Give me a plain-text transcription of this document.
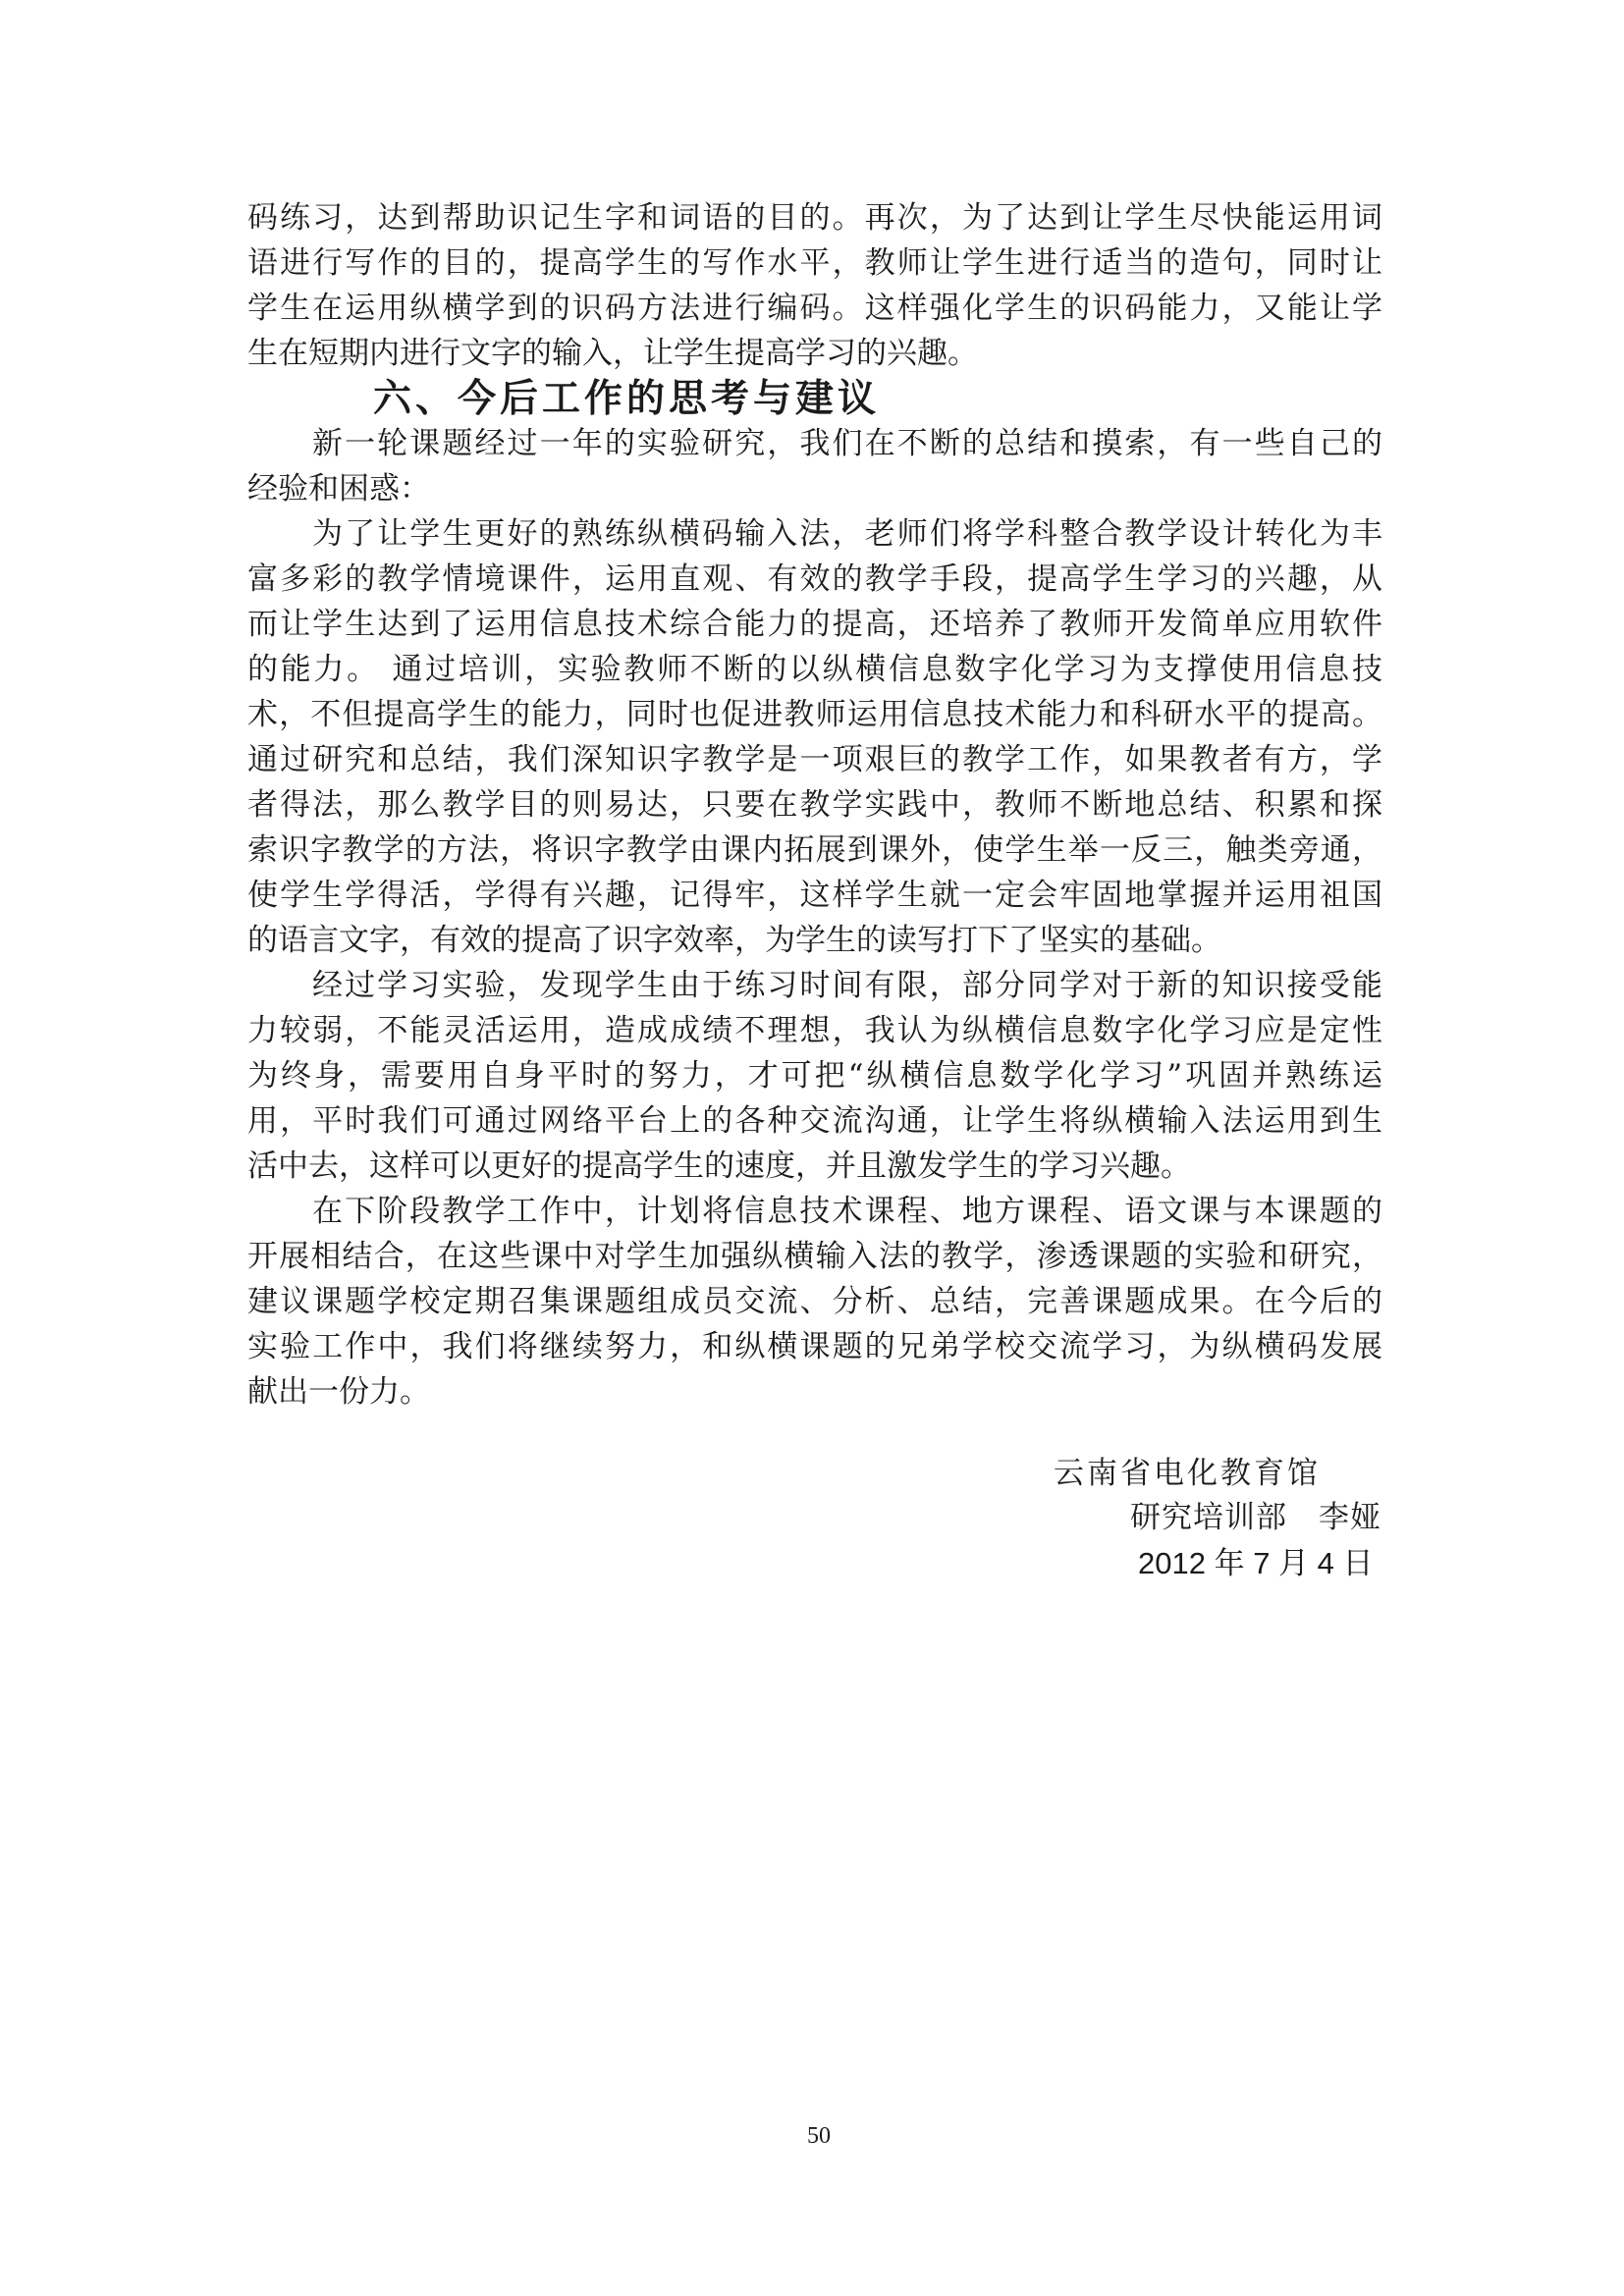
码练习，达到帮助识记生字和词语的目的。再次，为了达到让学生尽快能运用词
语进行写作的目的，提高学生的写作水平，教师让学生进行适当的造句，同时让
学生在运用纵横学到的识码方法进行编码。这样强化学生的识码能力，又能让学
生在短期内进行文字的输入，让学生提高学习的兴趣。
六、今后工作的思考与建议
新一轮课题经过一年的实验研究，我们在不断的总结和摸索，有一些自己的
经验和困惑：
为了让学生更好的熟练纵横码输入法，老师们将学科整合教学设计转化为丰
富多彩的教学情境课件，运用直观、有效的教学手段，提高学生学习的兴趣，从
而让学生达到了运用信息技术综合能力的提高，还培养了教师开发简单应用软件
的能力。 通过培训，实验教师不断的以纵横信息数字化学习为支撑使用信息技
术，不但提高学生的能力，同时也促进教师运用信息技术能力和科研水平的提高。
通过研究和总结，我们深知识字教学是一项艰巨的教学工作，如果教者有方，学
者得法，那么教学目的则易达，只要在教学实践中，教师不断地总结、积累和探
索识字教学的方法，将识字教学由课内拓展到课外，使学生举一反三，触类旁通，
使学生学得活，学得有兴趣，记得牢，这样学生就一定会牢固地掌握并运用祖国
的语言文字，有效的提高了识字效率，为学生的读写打下了坚实的基础。
经过学习实验，发现学生由于练习时间有限，部分同学对于新的知识接受能
力较弱，不能灵活运用，造成成绩不理想，我认为纵横信息数字化学习应是定性
为终身，需要用自身平时的努力，才可把“纵横信息数学化学习”巩固并熟练运
用，平时我们可通过网络平台上的各种交流沟通，让学生将纵横输入法运用到生
活中去，这样可以更好的提高学生的速度，并且激发学生的学习兴趣。
在下阶段教学工作中，计划将信息技术课程、地方课程、语文课与本课题的
开展相结合，在这些课中对学生加强纵横输入法的教学，渗透课题的实验和研究，
建议课题学校定期召集课题组成员交流、分析、总结，完善课题成果。在今后的
实验工作中，我们将继续努力，和纵横课题的兄弟学校交流学习，为纵横码发展
献出一份力。
云南省电化教育馆
研究培训部　李娅
2012 年 7 月 4 日
50
